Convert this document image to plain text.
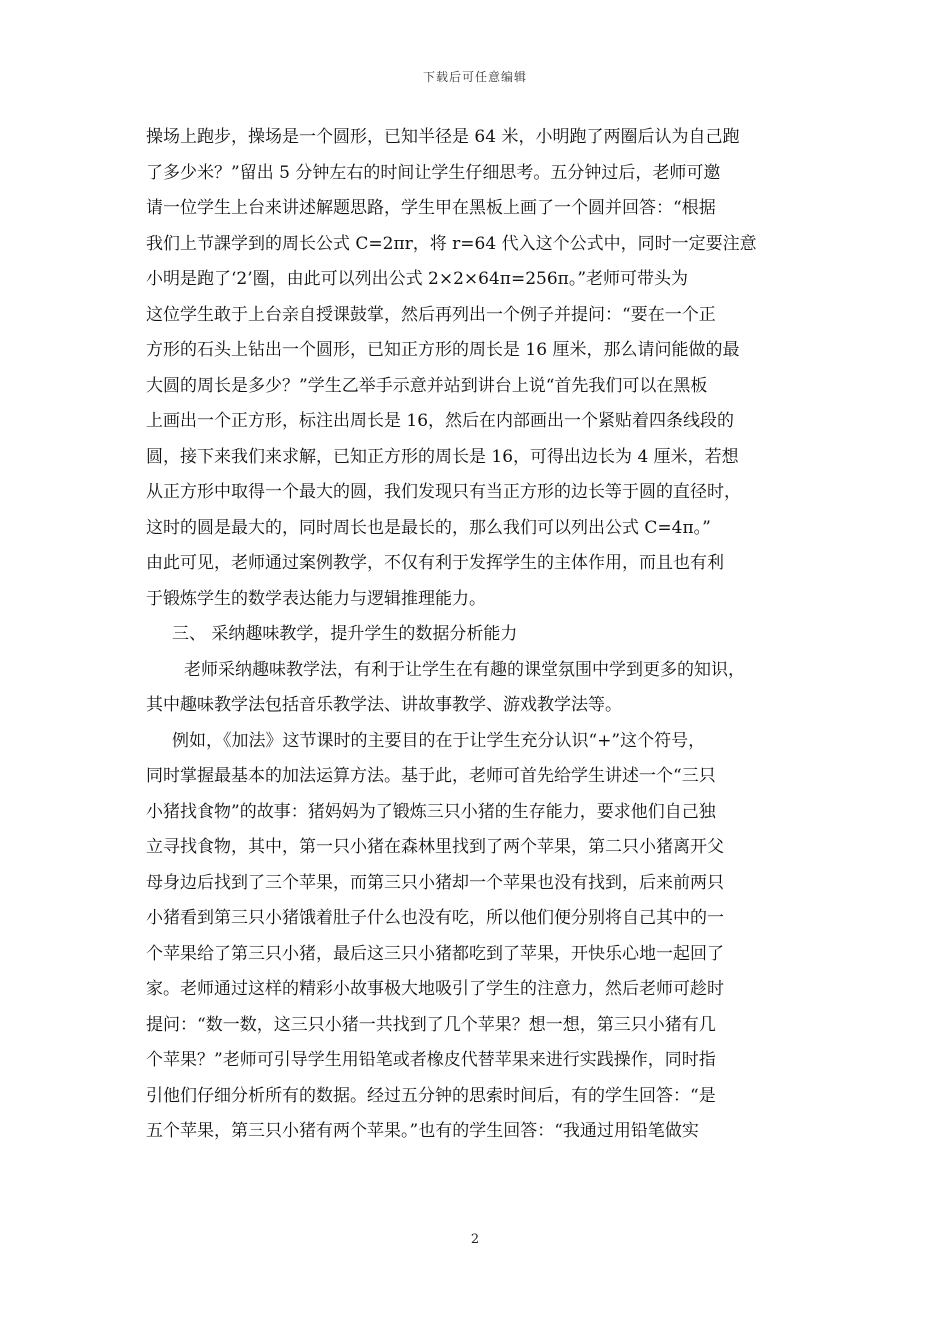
下载后可任意编辑
操场上跑步，操场是一个圆形，已知半径是 64 米，小明跑了两圈后认为自己跑
了多少米？”留出 5 分钟左右的时间让学生仔细思考。五分钟过后，老师可邀
请一位学生上台来讲述解题思路，学生甲在黑板上画了一个圆并回答：“根据
我们上节課学到的周长公式 C=2πr，将 r=64 代入这个公式中，同时一定要注意
小明是跑了‘2’圈，由此可以列出公式 2×2×64π=256π。”老师可带头为
这位学生敢于上台亲自授课鼓掌，然后再列出一个例子并提问：“要在一个正
方形的石头上钻出一个圆形，已知正方形的周长是 16 厘米，那么请问能做的最
大圆的周长是多少？”学生乙举手示意并站到讲台上说“首先我们可以在黑板
上画出一个正方形，标注出周长是 16，然后在内部画出一个紧贴着四条线段的
圆，接下来我们来求解，已知正方形的周长是 16，可得出边长为 4 厘米，若想
从正方形中取得一个最大的圆，我们发现只有当正方形的边长等于圆的直径时，
这时的圆是最大的，同时周长也是最长的，那么我们可以列出公式 C=4π。”
由此可见，老师通过案例教学，不仅有利于发挥学生的主体作用，而且也有利
于锻炼学生的数学表达能力与逻辑推理能力。
三、 采纳趣味教学，提升学生的数据分析能力
老师采纳趣味教学法，有利于让学生在有趣的课堂氛围中学到更多的知识，
其中趣味教学法包括音乐教学法、讲故事教学、游戏教学法等。
例如，《加法》这节课时的主要目的在于让学生充分认识“+”这个符号，
同时掌握最基本的加法运算方法。基于此，老师可首先给学生讲述一个“三只
小猪找食物”的故事：猪妈妈为了锻炼三只小猪的生存能力，要求他们自己独
立寻找食物，其中，第一只小猪在森林里找到了两个苹果，第二只小猪离开父
母身边后找到了三个苹果，而第三只小猪却一个苹果也没有找到，后来前两只
小猪看到第三只小猪饿着肚子什么也没有吃，所以他们便分别将自己其中的一
个苹果给了第三只小猪，最后这三只小猪都吃到了苹果，开快乐心地一起回了
家。老师通过这样的精彩小故事极大地吸引了学生的注意力，然后老师可趁时
提问：“数一数，这三只小猪一共找到了几个苹果？想一想，第三只小猪有几
个苹果？”老师可引导学生用铅笔或者橡皮代替苹果来进行实践操作，同时指
引他们仔细分析所有的数据。经过五分钟的思索时间后，有的学生回答：“是
五个苹果，第三只小猪有两个苹果。”也有的学生回答：“我通过用铅笔做实
2
